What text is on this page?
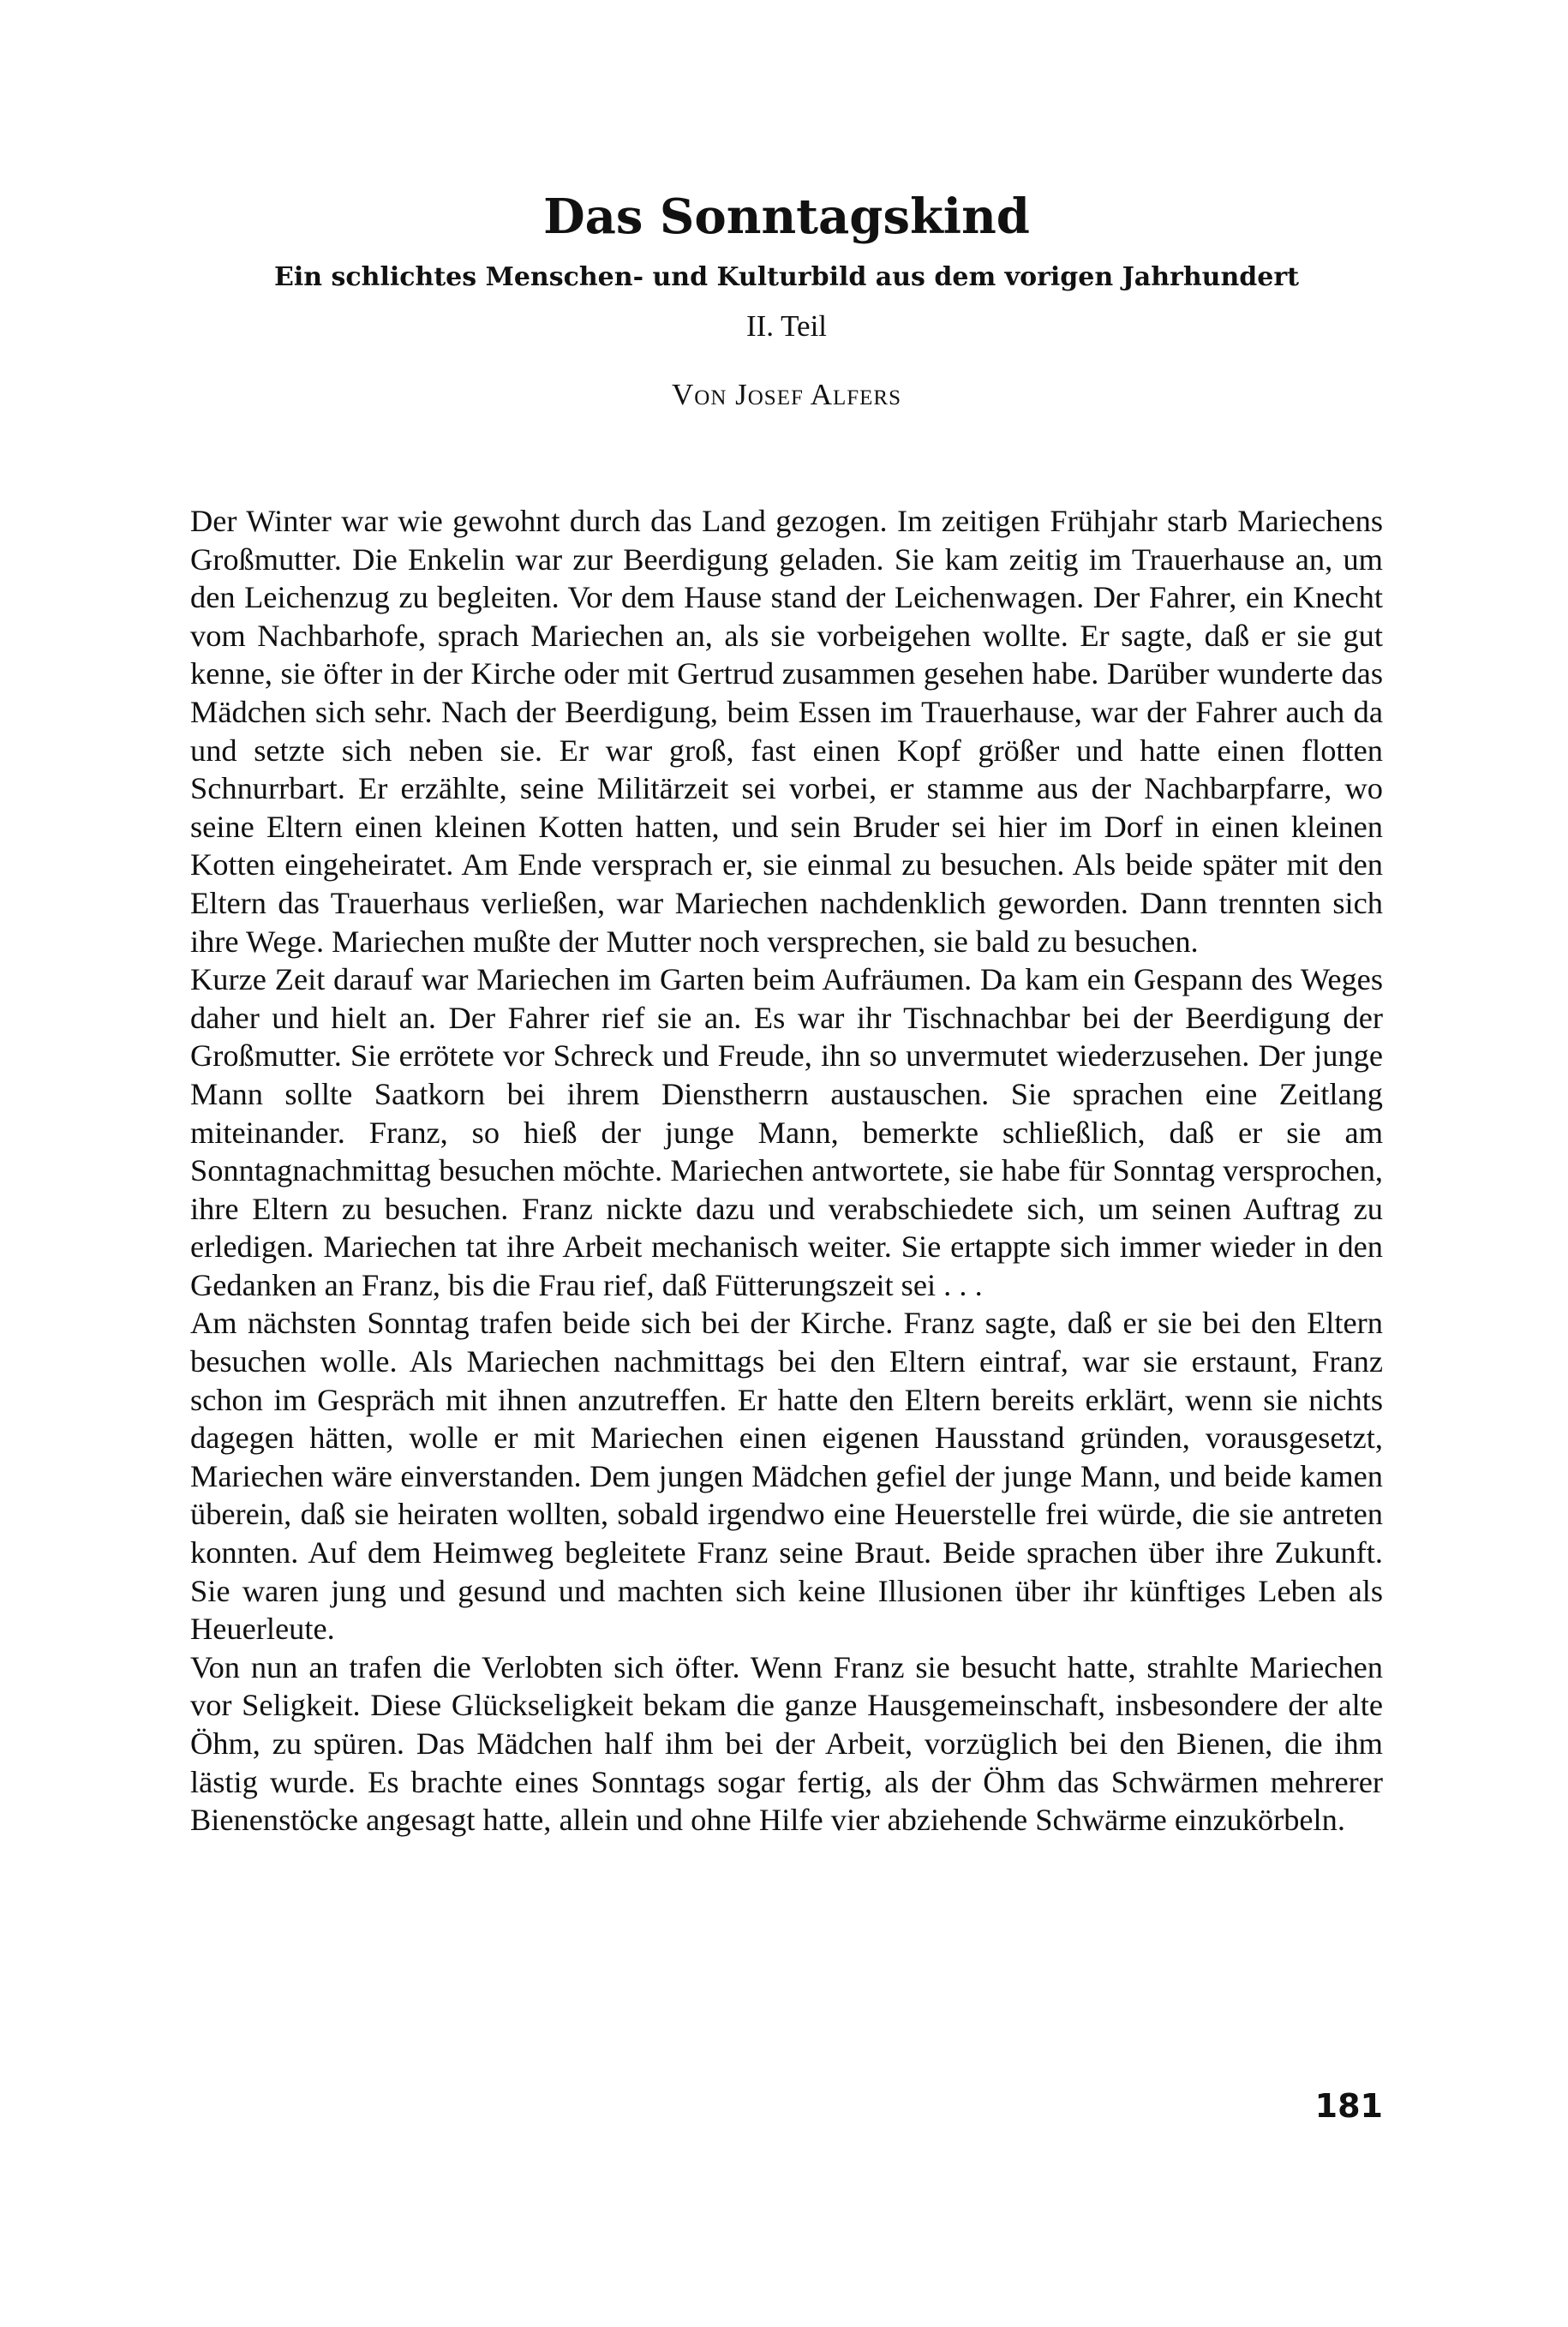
Das Sonntagskind
Ein schlichtes Menschen- und Kulturbild aus dem vorigen Jahrhundert
II. Teil
Von Josef Alfers

Der Winter war wie gewohnt durch das Land gezogen. Im zeitigen Frühjahr starb Mariechens Großmutter. Die Enkelin war zur Beerdigung geladen. Sie kam zeitig im Trauerhause an, um den Leichenzug zu begleiten. Vor dem Hause stand der Leichenwagen. Der Fahrer, ein Knecht vom Nachbarhofe, sprach Mariechen an, als sie vorbeigehen wollte. Er sagte, daß er sie gut kenne, sie öfter in der Kirche oder mit Gertrud zusammen gesehen habe. Darüber wunderte das Mädchen sich sehr. Nach der Beerdigung, beim Essen im Trauerhause, war der Fahrer auch da und setzte sich neben sie. Er war groß, fast einen Kopf größer und hatte einen flotten Schnurrbart. Er erzählte, seine Militärzeit sei vorbei, er stamme aus der Nachbarpfarre, wo seine Eltern einen kleinen Kotten hatten, und sein Bruder sei hier im Dorf in einen kleinen Kotten eingeheiratet. Am Ende versprach er, sie einmal zu besuchen. Als beide später mit den Eltern das Trauerhaus verließen, war Mariechen nachdenklich geworden. Dann trennten sich ihre Wege. Mariechen mußte der Mutter noch versprechen, sie bald zu besuchen.

Kurze Zeit darauf war Mariechen im Garten beim Aufräumen. Da kam ein Gespann des Weges daher und hielt an. Der Fahrer rief sie an. Es war ihr Tischnachbar bei der Beerdigung der Großmutter. Sie errötete vor Schreck und Freude, ihn so unvermutet wiederzusehen. Der junge Mann sollte Saatkorn bei ihrem Dienstherrn austauschen. Sie sprachen eine Zeitlang miteinander. Franz, so hieß der junge Mann, bemerkte schließlich, daß er sie am Sonntagnachmittag besuchen möchte. Mariechen antwortete, sie habe für Sonntag versprochen, ihre Eltern zu besuchen. Franz nickte dazu und verabschiedete sich, um seinen Auftrag zu erledigen. Mariechen tat ihre Arbeit mechanisch weiter. Sie ertappte sich immer wieder in den Gedanken an Franz, bis die Frau rief, daß Fütterungszeit sei . . .

Am nächsten Sonntag trafen beide sich bei der Kirche. Franz sagte, daß er sie bei den Eltern besuchen wolle. Als Mariechen nachmittags bei den Eltern eintraf, war sie erstaunt, Franz schon im Gespräch mit ihnen anzutreffen. Er hatte den Eltern bereits erklärt, wenn sie nichts dagegen hätten, wolle er mit Mariechen einen eigenen Hausstand gründen, vorausgesetzt, Mariechen wäre einverstanden. Dem jungen Mädchen gefiel der junge Mann, und beide kamen überein, daß sie heiraten wollten, sobald irgendwo eine Heuerstelle frei würde, die sie antreten konnten. Auf dem Heimweg begleitete Franz seine Braut. Beide sprachen über ihre Zukunft. Sie waren jung und gesund und machten sich keine Illusionen über ihr künftiges Leben als Heuerleute.

Von nun an trafen die Verlobten sich öfter. Wenn Franz sie besucht hatte, strahlte Mariechen vor Seligkeit. Diese Glückseligkeit bekam die ganze Hausgemeinschaft, insbesondere der alte Öhm, zu spüren. Das Mädchen half ihm bei der Arbeit, vorzüglich bei den Bienen, die ihm lästig wurde. Es brachte eines Sonntags sogar fertig, als der Öhm das Schwärmen mehrerer Bienenstöcke angesagt hatte, allein und ohne Hilfe vier abziehende Schwärme einzukörbeln.

181
